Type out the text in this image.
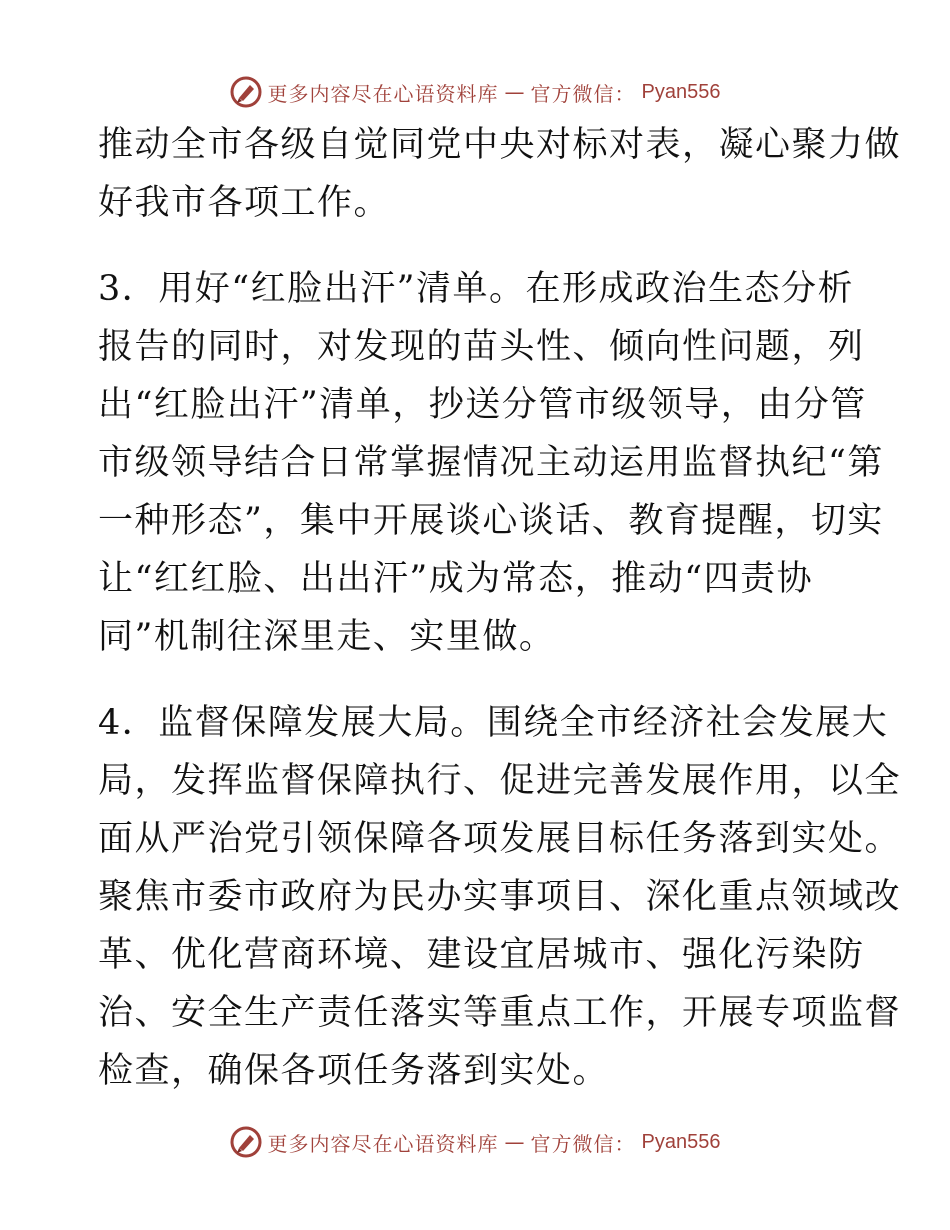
更多内容尽在心语资料库 — 官方微信： Pyan556
推动全市各级自觉同党中央对标对表，凝心聚力做
好我市各项工作。
3．用好“红脸出汗”清单。在形成政治生态分析
报告的同时，对发现的苗头性、倾向性问题，列
出“红脸出汗”清单，抄送分管市级领导，由分管
市级领导结合日常掌握情况主动运用监督执纪“第
一种形态”，集中开展谈心谈话、教育提醒，切实
让“红红脸、出出汗”成为常态，推动“四责协
同”机制往深里走、实里做。
4．监督保障发展大局。围绕全市经济社会发展大
局，发挥监督保障执行、促进完善发展作用，以全
面从严治党引领保障各项发展目标任务落到实处。
聚焦市委市政府为民办实事项目、深化重点领域改
革、优化营商环境、建设宜居城市、强化污染防
治、安全生产责任落实等重点工作，开展专项监督
检查，确保各项任务落到实处。
更多内容尽在心语资料库 — 官方微信： Pyan556
